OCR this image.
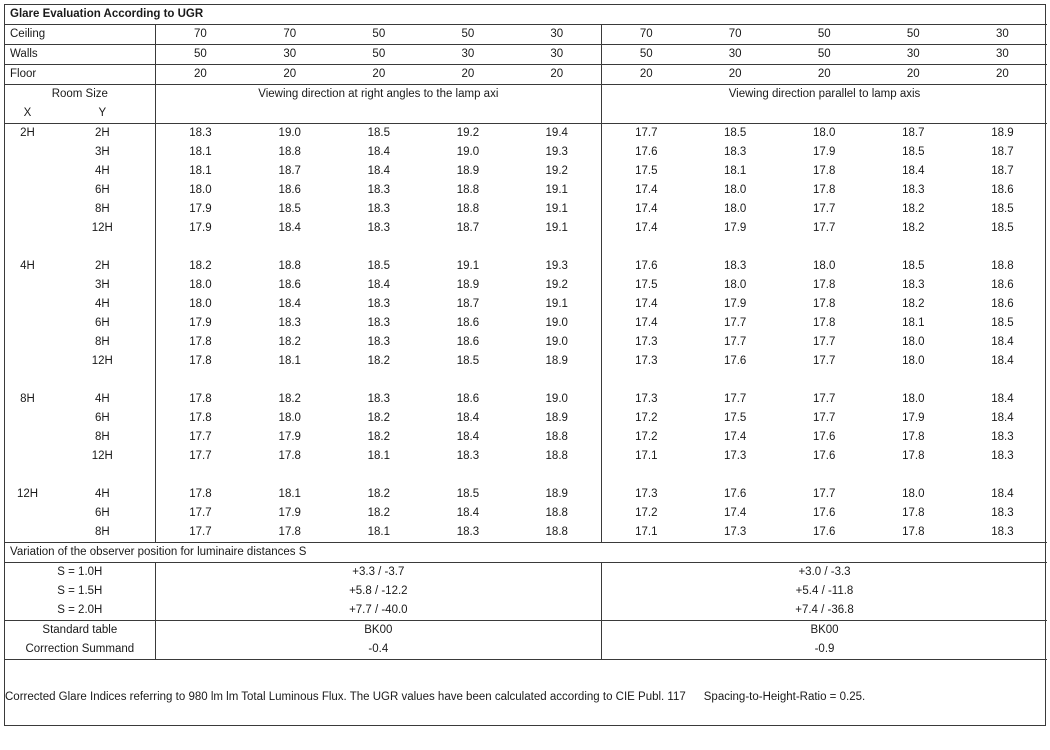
Glare Evaluation According to UGR											
Ceiling		70	70	50	50	30	70	70	50	50	30
Walls		50	30	50	30	30	50	30	50	30	30
Floor		20	20	20	20	20	20	20	20	20	20
Room Size		Viewing direction at right angles to the lamp axi					Viewing direction parallel to lamp axis				
X	Y										
2H	2H	18.3	19.0	18.5	19.2	19.4	17.7	18.5	18.0	18.7	18.9
	3H	18.1	18.8	18.4	19.0	19.3	17.6	18.3	17.9	18.5	18.7
	4H	18.1	18.7	18.4	18.9	19.2	17.5	18.1	17.8	18.4	18.7
	6H	18.0	18.6	18.3	18.8	19.1	17.4	18.0	17.8	18.3	18.6
	8H	17.9	18.5	18.3	18.8	19.1	17.4	18.0	17.7	18.2	18.5
	12H	17.9	18.4	18.3	18.7	19.1	17.4	17.9	17.7	18.2	18.5

4H	2H	18.2	18.8	18.5	19.1	19.3	17.6	18.3	18.0	18.5	18.8
	3H	18.0	18.6	18.4	18.9	19.2	17.5	18.0	17.8	18.3	18.6
	4H	18.0	18.4	18.3	18.7	19.1	17.4	17.9	17.8	18.2	18.6
	6H	17.9	18.3	18.3	18.6	19.0	17.4	17.7	17.8	18.1	18.5
	8H	17.8	18.2	18.3	18.6	19.0	17.3	17.7	17.7	18.0	18.4
	12H	17.8	18.1	18.2	18.5	18.9	17.3	17.6	17.7	18.0	18.4

8H	4H	17.8	18.2	18.3	18.6	19.0	17.3	17.7	17.7	18.0	18.4
	6H	17.8	18.0	18.2	18.4	18.9	17.2	17.5	17.7	17.9	18.4
	8H	17.7	17.9	18.2	18.4	18.8	17.2	17.4	17.6	17.8	18.3
	12H	17.7	17.8	18.1	18.3	18.8	17.1	17.3	17.6	17.8	18.3

12H	4H	17.8	18.1	18.2	18.5	18.9	17.3	17.6	17.7	18.0	18.4
	6H	17.7	17.9	18.2	18.4	18.8	17.2	17.4	17.6	17.8	18.3
	8H	17.7	17.8	18.1	18.3	18.8	17.1	17.3	17.6	17.8	18.3
Variation of the observer position for luminaire distances S											
S = 1.0H		+3.3 / -3.7					+3.0 / -3.3				
S = 1.5H		+5.8 / -12.2					+5.4 / -11.8				
S = 2.0H		+7.7 / -40.0					+7.4 / -36.8				
Standard table		BK00					BK00				
Correction Summand		-0.4					-0.9				
Corrected Glare Indices referring to 980 lm lm Total Luminous Flux. The UGR values have been calculated according to CIE Publ. 117 Spacing-to-Height-Ratio = 0.25.
